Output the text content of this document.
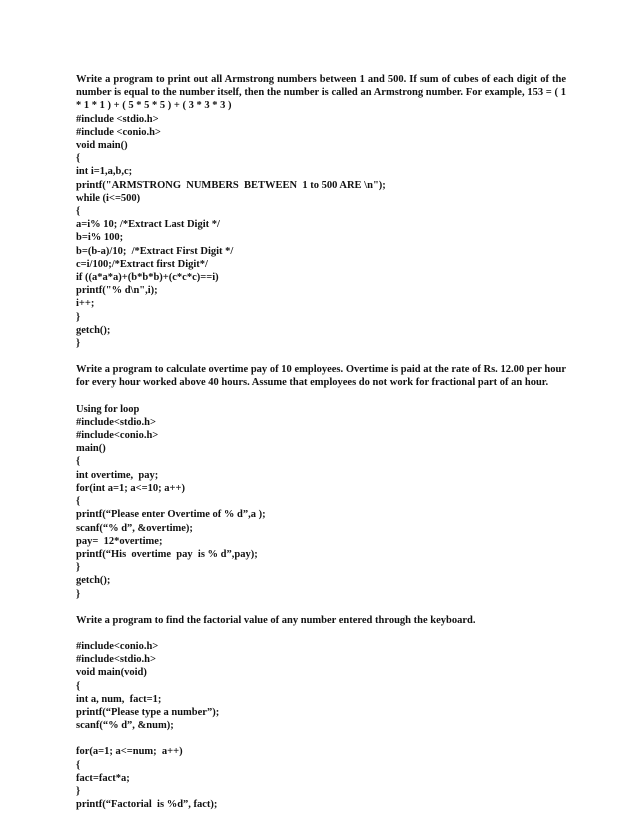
Write a program to print out all Armstrong numbers between 1 and 500. If sum of cubes of each digit of the number is equal to the number itself, then the number is called an Armstrong number. For example, 153 = ( 1 * 1 * 1 ) + ( 5 * 5 * 5 ) + ( 3 * 3 * 3 )

#include <stdio.h>
#include <conio.h>
void main()
{
int i=1,a,b,c;
printf("ARMSTRONG  NUMBERS  BETWEEN  1 to 500 ARE \n");
while (i<=500)
{
a=i% 10; /*Extract Last Digit */
b=i% 100;
b=(b-a)/10;  /*Extract First Digit */
c=i/100;/*Extract first Digit*/
if ((a*a*a)+(b*b*b)+(c*c*c)==i)
printf("% d\n",i);
i++;
}
getch();
}

Write a program to calculate overtime pay of 10 employees. Overtime is paid at the rate of Rs. 12.00 per hour for every hour worked above 40 hours. Assume that employees do not work for fractional part of an hour.

Using for loop
#include<stdio.h>
#include<conio.h>
main()
{
int overtime,  pay;
for(int a=1; a<=10; a++)
{
printf(“Please enter Overtime of % d”,a );
scanf(“% d”, &overtime);
pay=  12*overtime;
printf(“His  overtime  pay  is % d”,pay);
}
getch();
}

Write a program to find the factorial value of any number entered through the keyboard.

#include<conio.h>
#include<stdio.h>
void main(void)
{
int a, num,  fact=1;
printf(“Please type a number”);
scanf(“% d”, &num);
for(a=1; a<=num;  a++)
{
fact=fact*a;
}
printf(“Factorial  is %d”, fact);
